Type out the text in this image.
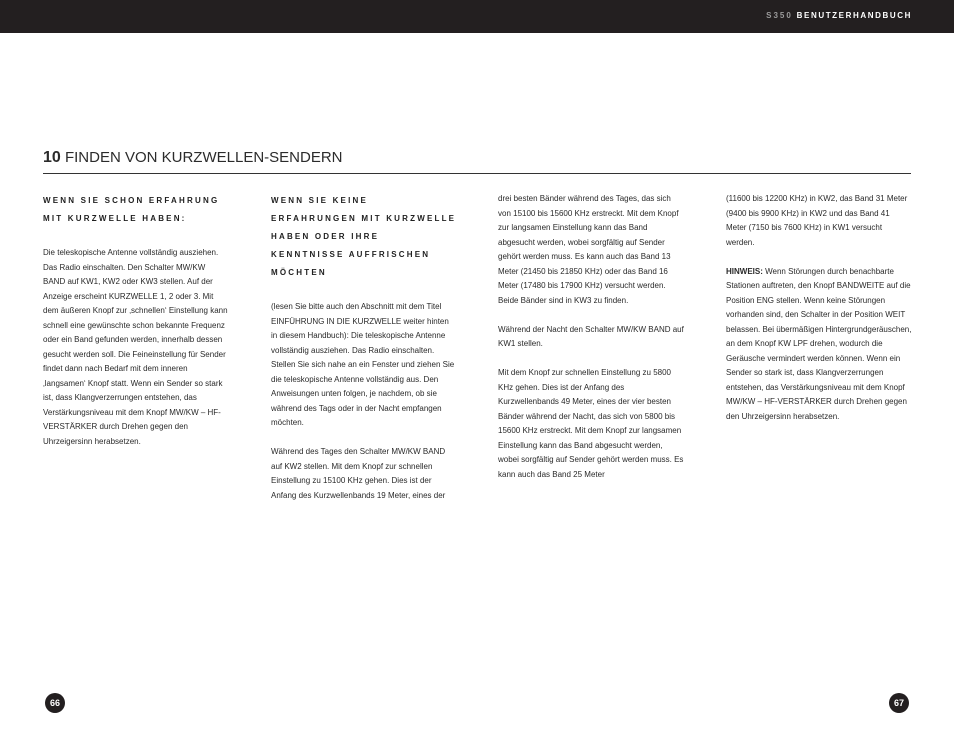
S350 BENUTZERHANDBUCH
10 FINDEN VON KURZWELLEN-SENDERN
WENN SIE SCHON ERFAHRUNG MIT KURZWELLE HABEN:

Die teleskopische Antenne vollständig ausziehen. Das Radio einschalten. Den Schalter MW/KW BAND auf KW1, KW2 oder KW3 stellen. Auf der Anzeige erscheint KURZWELLE 1, 2 oder 3. Mit dem äußeren Knopf zur ‚schnellen‘ Einstellung kann schnell eine gewünschte schon bekannte Frequenz oder ein Band gefunden werden, innerhalb dessen gesucht werden soll. Die Feineinstellung für Sender findet dann nach Bedarf mit dem inneren ‚langsamen‘ Knopf statt. Wenn ein Sender so stark ist, dass Klangverzerrungen entstehen, das Verstärkungsniveau mit dem Knopf MW/KW – HF-VERSTÄRKER durch Drehen gegen den Uhrzeigersinn herabsetzen.

WENN SIE KEINE ERFAHRUNGEN MIT KURZWELLE HABEN ODER IHRE KENNTNISSE AUFFRISCHEN MÖCHTEN

(lesen Sie bitte auch den Abschnitt mit dem Titel EINFÜHRUNG IN DIE KURZWELLE weiter hinten in diesem Handbuch): Die teleskopische Antenne vollständig ausziehen. Das Radio einschalten. Stellen Sie sich nahe an ein Fenster und ziehen Sie die teleskopische Antenne vollständig aus. Den Anweisungen unten folgen, je nachdem, ob sie während des Tags oder in der Nacht empfangen möchten.

Während des Tages den Schalter MW/KW BAND auf KW2 stellen. Mit dem Knopf zur schnellen Einstellung zu 15100 KHz gehen. Dies ist der Anfang des Kurzwellenbands 19 Meter, eines der

drei besten Bänder während des Tages, das sich von 15100 bis 15600 KHz erstreckt. Mit dem Knopf zur langsamen Einstellung kann das Band abgesucht werden, wobei sorgfältig auf Sender gehört werden muss. Es kann auch das Band 13 Meter (21450 bis 21850 KHz) oder das Band 16 Meter (17480 bis 17900 KHz) versucht werden. Beide Bänder sind in KW3 zu finden.

Während der Nacht den Schalter MW/KW BAND auf KW1 stellen.

Mit dem Knopf zur schnellen Einstellung zu 5800 KHz gehen. Dies ist der Anfang des Kurzwellenbands 49 Meter, eines der vier besten Bänder während der Nacht, das sich von 5800 bis 15600 KHz erstreckt. Mit dem Knopf zur langsamen Einstellung kann das Band abgesucht werden, wobei sorgfältig auf Sender gehört werden muss. Es kann auch das Band 25 Meter

(11600 bis 12200 KHz) in KW2, das Band 31 Meter (9400 bis 9900 KHz) in KW2 und das Band 41 Meter (7150 bis 7600 KHz) in KW1 versucht werden.

HINWEIS: Wenn Störungen durch benachbarte Stationen auftreten, den Knopf BANDWEITE auf die Position ENG stellen. Wenn keine Störungen vorhanden sind, den Schalter in der Position WEIT belassen. Bei übermäßigen Hintergrundgeräuschen, an dem Knopf KW LPF drehen, wodurch die Geräusche vermindert werden können. Wenn ein Sender so stark ist, dass Klangverzerrungen entstehen, das Verstärkungsniveau mit dem Knopf MW/KW – HF-VERSTÄRKER durch Drehen gegen den Uhrzeigersinn herabsetzen.

66	67
